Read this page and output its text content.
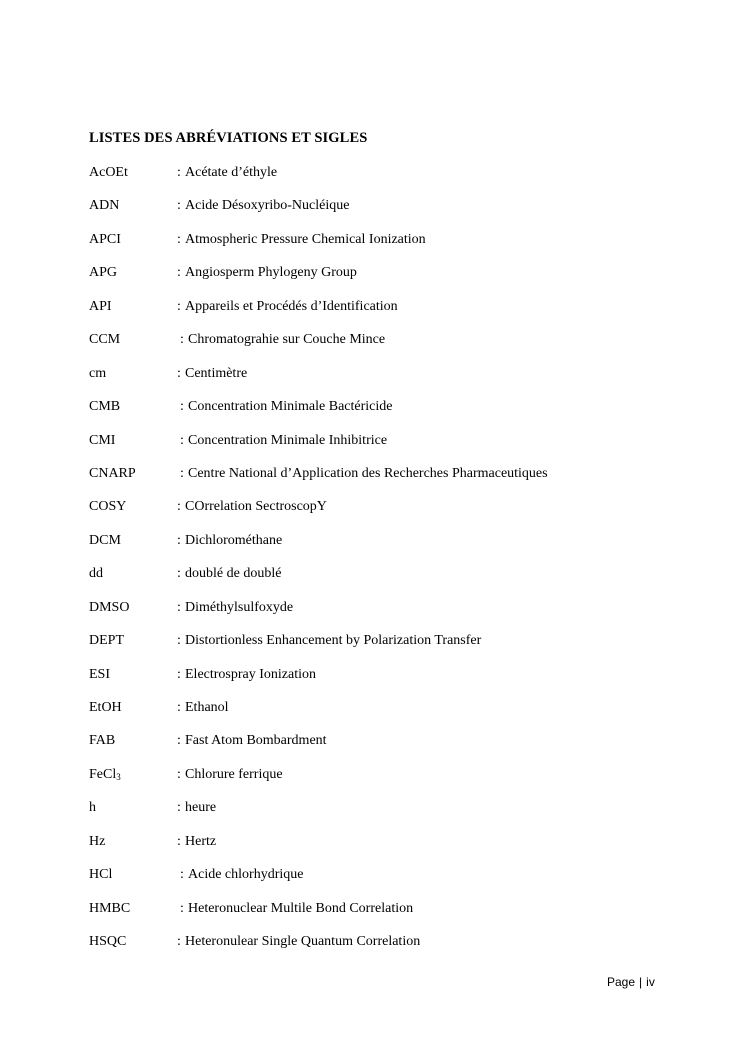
LISTES DES ABRÉVIATIONS ET SIGLES
AcOEt	: Acétate d’éthyle
ADN	: Acide Désoxyribo-Nucléique
APCI	: Atmospheric Pressure Chemical Ionization
APG	: Angiosperm Phylogeny Group
API	: Appareils et Procédés d’Identification
CCM	: Chromatograhie sur Couche Mince
cm	: Centimètre
CMB	: Concentration Minimale Bactéricide
CMI	: Concentration Minimale Inhibitrice
CNARP	: Centre National d’Application des Recherches Pharmaceutiques
COSY	: COrrelation SectroscopY
DCM	: Dichlorométhane
dd	: doublé de doublé
DMSO	: Diméthylsulfoxyde
DEPT	: Distortionless Enhancement by Polarization Transfer
ESI	: Electrospray Ionization
EtOH	: Ethanol
FAB	: Fast Atom Bombardment
FeCl$_3$	: Chlorure ferrique
h	: heure
Hz	: Hertz
HCl	: Acide chlorhydrique
HMBC	: Heteronuclear Multile Bond Correlation
HSQC	: Heteronulear Single Quantum Correlation
Page | iv
